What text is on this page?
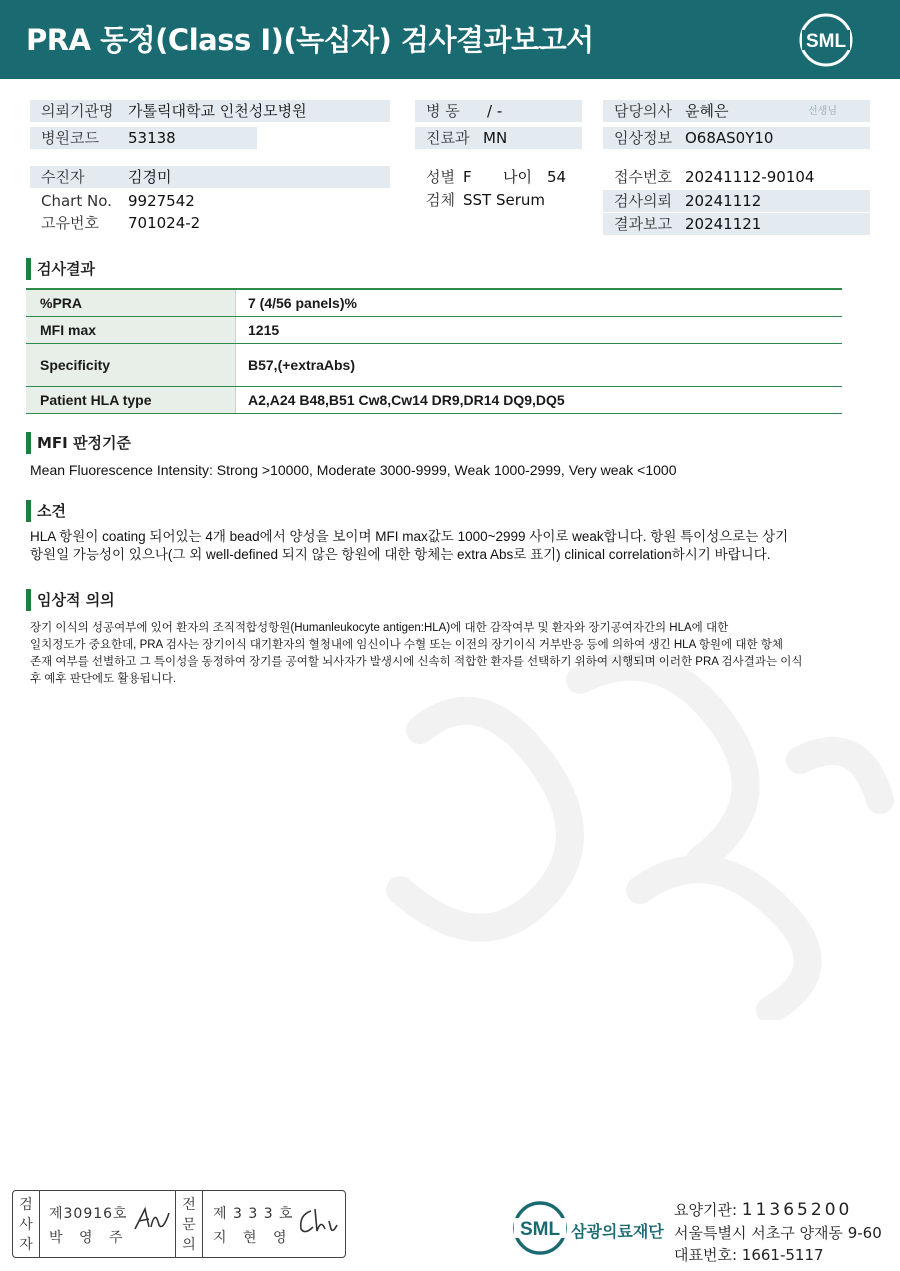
PRA 동정(Class I)(녹십자) 검사결과보고서	SML
의뢰기관명 가톨릭대학교 인천성모병원
병원코드 53138
병 동 / -
진료과 MN
담당의사 윤혜은	선생님
임상정보 O68AS0Y10
수진자	김경미
Chart No. 9927542
고유번호 701024-2
성별 F 나이 54
검체 SST Serum
접수번호 20241112-90104
검사의뢰 20241112
결과보고 20241121
검사결과
%PRA	7 (4/56 panels)%
MFI max	1215
Specificity	B57,(+extraAbs)
Patient HLA type	A2,A24 B48,B51 Cw8,Cw14 DR9,DR14 DQ9,DQ5
MFI 판정기준
Mean Fluorescence Intensity: Strong >10000, Moderate 3000-9999, Weak 1000-2999, Very weak <1000
소견
HLA 항원이 coating 되어있는 4개 bead에서 양성을 보이며 MFI max값도 1000~2999 사이로 weak합니다. 항원 특이성으로는 상기
항원일 가능성이 있으나(그 외 well-defined 되지 않은 항원에 대한 항체는 extra Abs로 표기) clinical correlation하시기 바랍니다.
임상적 의의
장기 이식의 성공여부에 있어 환자의 조직적합성항원(Humanleukocyte antigen:HLA)에 대한 감작여부 및 환자와 장기공여자간의 HLA에 대한
일치정도가 중요한데, PRA 검사는 장기이식 대기환자의 혈청내에 임신이나 수혈 또는 이전의 장기이식 거부반응 등에 의하여 생긴 HLA 항원에 대한 항체
존재 여부를 선별하고 그 특이성을 동정하여 장기를 공여할 뇌사자가 발생시에 신속히 적합한 환자를 선택하기 위하여 시행되며 이러한 PRA 검사결과는 이식
후 예후 판단에도 활용됩니다.
검
사
자
제30916호
박 영 주
전
문
의
제 3 3 3 호
지 현 영	SML 삼광의료재단
요양기관: 11365200
서울특별시 서초구 양재동 9-60
대표번호: 1661-5117
